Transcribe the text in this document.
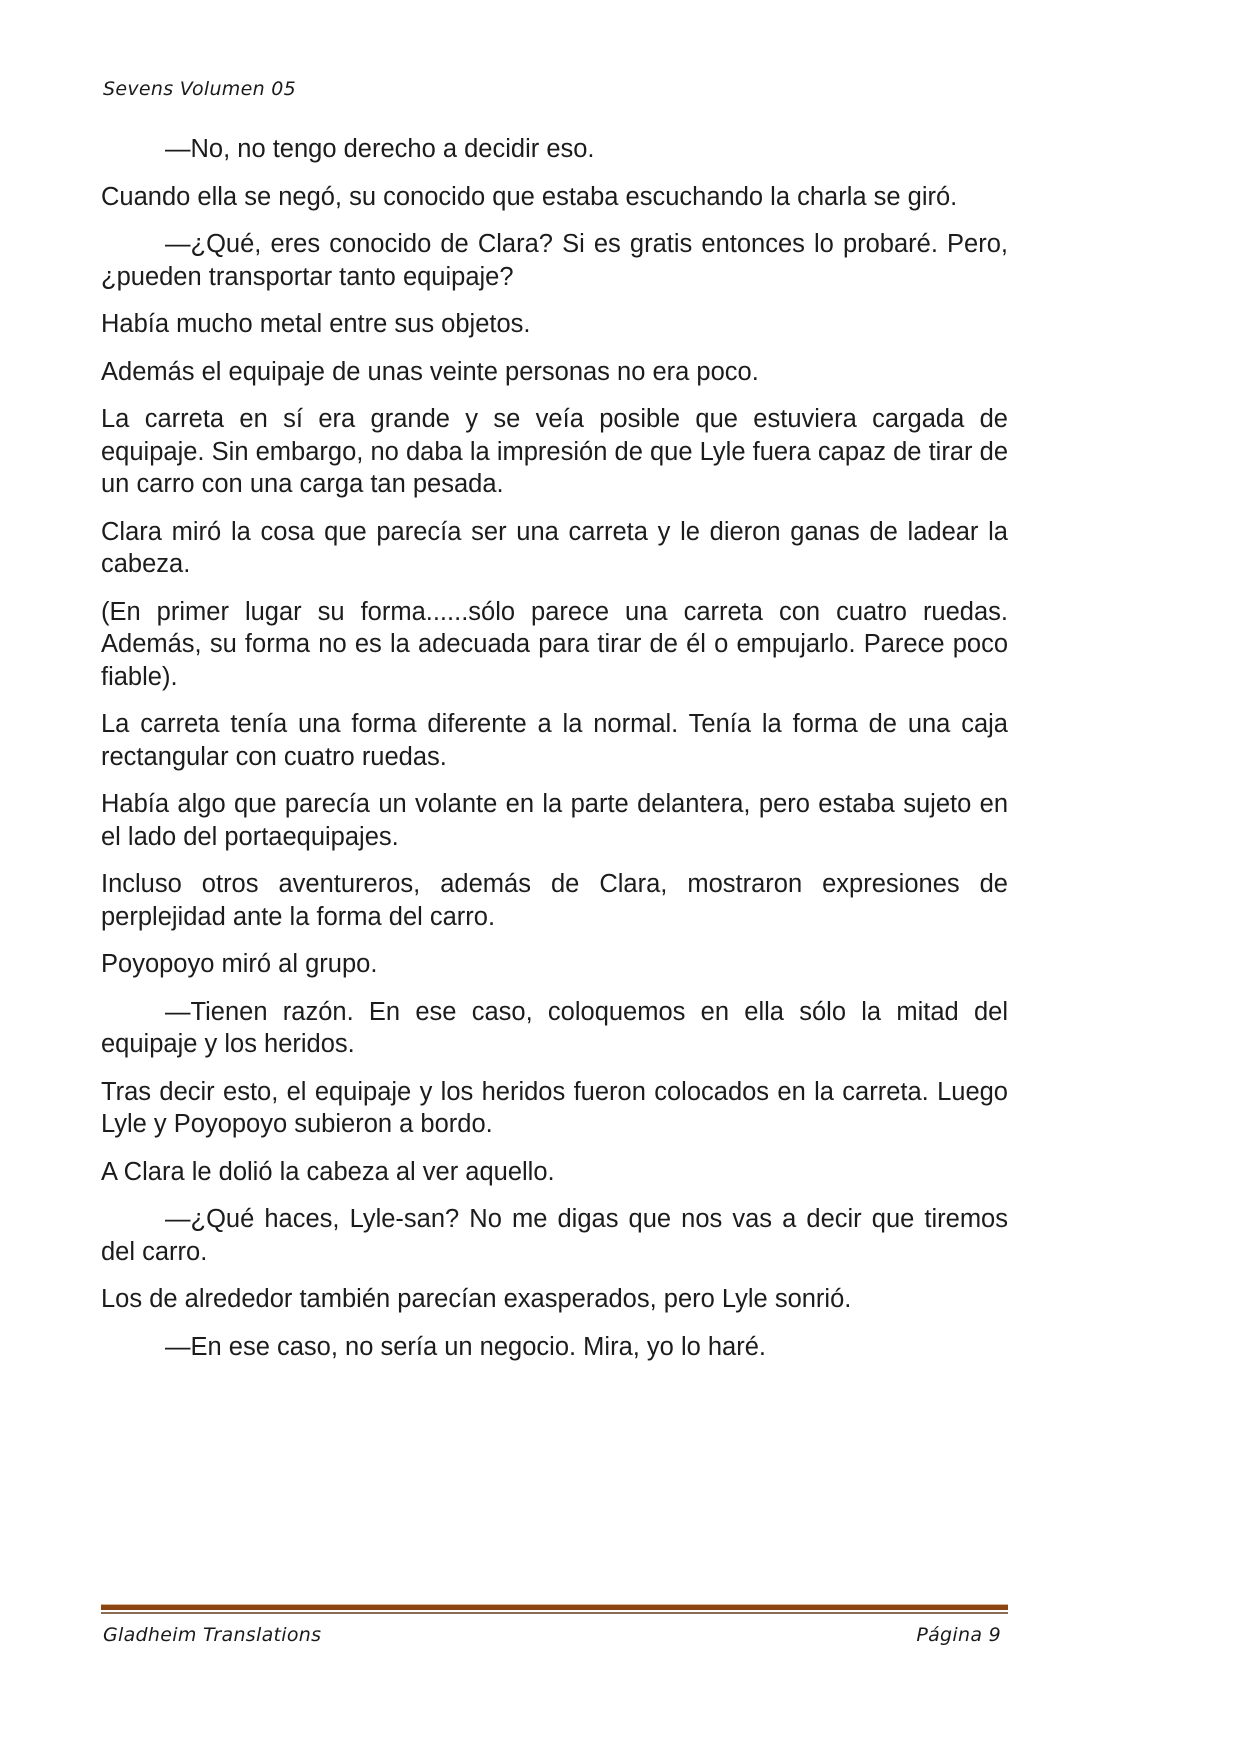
Sevens Volumen 05

—No, no tengo derecho a decidir eso.

Cuando ella se negó, su conocido que estaba escuchando la charla se giró.

—¿Qué, eres conocido de Clara? Si es gratis entonces lo probaré. Pero, ¿pueden transportar tanto equipaje?

Había mucho metal entre sus objetos.

Además el equipaje de unas veinte personas no era poco.

La carreta en sí era grande y se veía posible que estuviera cargada de equipaje. Sin embargo, no daba la impresión de que Lyle fuera capaz de tirar de un carro con una carga tan pesada.

Clara miró la cosa que parecía ser una carreta y le dieron ganas de ladear la cabeza.

(En primer lugar su forma......sólo parece una carreta con cuatro ruedas. Además, su forma no es la adecuada para tirar de él o empujarlo. Parece poco fiable).

La carreta tenía una forma diferente a la normal. Tenía la forma de una caja rectangular con cuatro ruedas.

Había algo que parecía un volante en la parte delantera, pero estaba sujeto en el lado del portaequipajes.

Incluso otros aventureros, además de Clara, mostraron expresiones de perplejidad ante la forma del carro.

Poyopoyo miró al grupo.

—Tienen razón. En ese caso, coloquemos en ella sólo la mitad del equipaje y los heridos.

Tras decir esto, el equipaje y los heridos fueron colocados en la carreta. Luego Lyle y Poyopoyo subieron a bordo.

A Clara le dolió la cabeza al ver aquello.

—¿Qué haces, Lyle-san? No me digas que nos vas a decir que tiremos del carro.

Los de alrededor también parecían exasperados, pero Lyle sonrió.

—En ese caso, no sería un negocio. Mira, yo lo haré.

Gladheim Translations	Página 9
